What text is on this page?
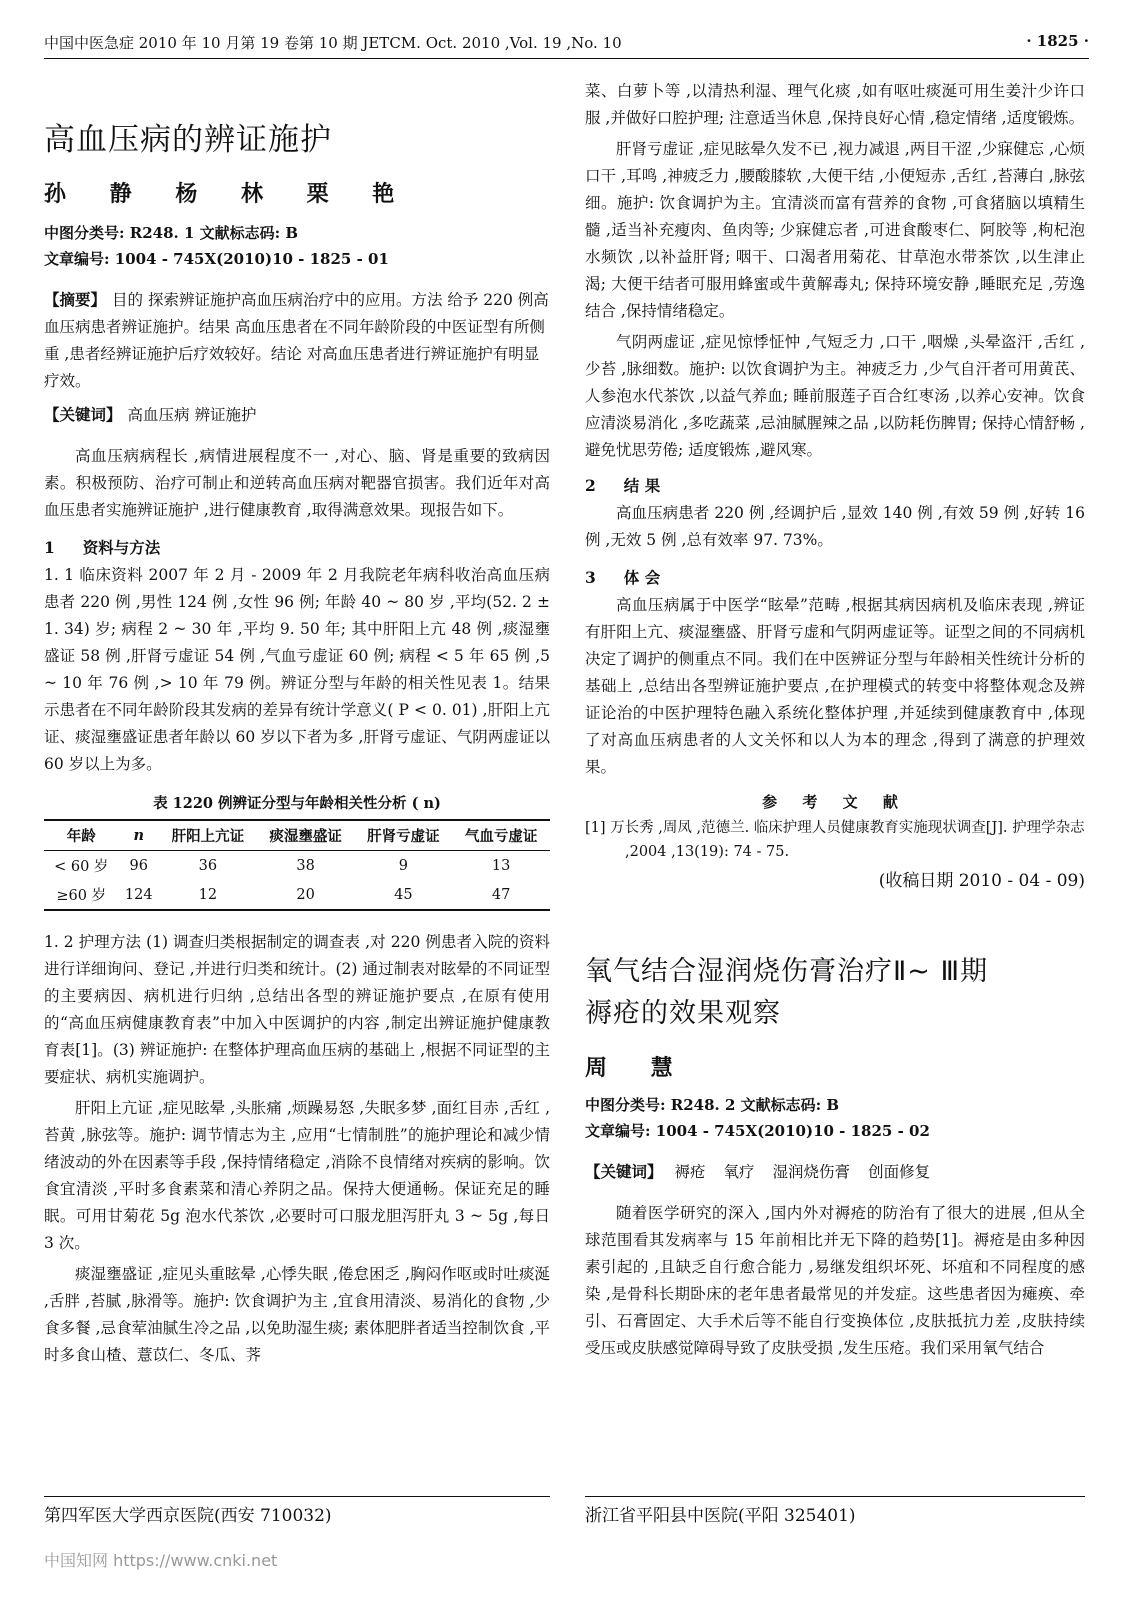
中国中医急症 2010 年 10 月第 19 卷第 10 期 JETCM. Oct. 2010 ,Vol. 19 ,No. 10	· 1825 ·
高血压病的辨证施护
孙 静 杨 林 栗 艳
中图分类号: R248. 1 文献标志码: B
文章编号: 1004 - 745X(2010)10 - 1825 - 01
【摘要】 目的 探索辨证施护高血压病治疗中的应用。方法 给予 220 例高血压病患者辨证施护。结果 高血压患者在不同年龄阶段的中医证型有所侧重 ,患者经辨证施护后疗效较好。结论 对高血压患者进行辨证施护有明显疗效。
【关键词】 高血压病 辨证施护
高血压病病程长 ,病情进展程度不一 ,对心、脑、肾是重要的致病因素。积极预防、治疗可制止和逆转高血压病对靶器官损害。我们近年对高血压患者实施辨证施护 ,进行健康教育 ,取得满意效果。现报告如下。
1 资料与方法
1. 1 临床资料 2007 年 2 月 - 2009 年 2 月我院老年病科收治高血压病患者 220 例 ,男性 124 例 ,女性 96 例; 年龄 40 ~ 80 岁 ,平均(52. 2 ± 1. 34) 岁; 病程 2 ~ 30 年 ,平均 9. 50 年; 其中肝阳上亢 48 例 ,痰湿壅盛证 58 例 ,肝肾亏虚证 54 例 ,气血亏虚证 60 例; 病程 < 5 年 65 例 ,5 ~ 10 年 76 例 ,> 10 年 79 例。辨证分型与年龄的相关性见表 1。结果示患者在不同年龄阶段其发病的差异有统计学意义( P < 0. 01) ,肝阳上亢证、痰湿壅盛证患者年龄以 60 岁以下者为多 ,肝肾亏虚证、气阴两虚证以 60 岁以上为多。
表 1220 例辨证分型与年龄相关性分析 ( n)
年龄	n	肝阳上亢证	痰湿壅盛证	肝肾亏虚证	气血亏虚证
< 60 岁	96	36	38	9	13
≥60 岁	124	12	20	45	47
1. 2 护理方法 (1) 调查归类根据制定的调查表 ,对 220 例患者入院的资料进行详细询问、登记 ,并进行归类和统计。(2) 通过制表对眩晕的不同证型的主要病因、病机进行归纳 ,总结出各型的辨证施护要点 ,在原有使用的“高血压病健康教育表”中加入中医调护的内容 ,制定出辨证施护健康教育表[1]。(3) 辨证施护: 在整体护理高血压病的基础上 ,根据不同证型的主要症状、病机实施调护。
肝阳上亢证 ,症见眩晕 ,头胀痛 ,烦躁易怒 ,失眠多梦 ,面红目赤 ,舌红 ,苔黄 ,脉弦等。施护: 调节情志为主 ,应用“七情制胜”的施护理论和减少情绪波动的外在因素等手段 ,保持情绪稳定 ,消除不良情绪对疾病的影响。饮食宜清淡 ,平时多食素菜和清心养阴之品。保持大便通畅。保证充足的睡眠。可用甘菊花 5g 泡水代茶饮 ,必要时可口服龙胆泻肝丸 3 ~ 5g ,每日 3 次。
痰湿壅盛证 ,症见头重眩晕 ,心悸失眠 ,倦怠困乏 ,胸闷作呕或时吐痰涎 ,舌胖 ,苔腻 ,脉滑等。施护: 饮食调护为主 ,宜食用清淡、易消化的食物 ,少食多餐 ,忌食荤油腻生冷之品 ,以免助湿生痰; 素体肥胖者适当控制饮食 ,平时多食山楂、薏苡仁、冬瓜、荠
菜、白萝卜等 ,以清热利湿、理气化痰 ,如有呕吐痰涎可用生姜汁少许口服 ,并做好口腔护理; 注意适当休息 ,保持良好心情 ,稳定情绪 ,适度锻炼。
肝肾亏虚证 ,症见眩晕久发不已 ,视力减退 ,两目干涩 ,少寐健忘 ,心烦口干 ,耳鸣 ,神疲乏力 ,腰酸膝软 ,大便干结 ,小便短赤 ,舌红 ,苔薄白 ,脉弦细。施护: 饮食调护为主。宜清淡而富有营养的食物 ,可食猪脑以填精生髓 ,适当补充瘦肉、鱼肉等; 少寐健忘者 ,可进食酸枣仁、阿胶等 ,枸杞泡水频饮 ,以补益肝肾; 咽干、口渴者用菊花、甘草泡水带茶饮 ,以生津止渴; 大便干结者可服用蜂蜜或牛黄解毒丸; 保持环境安静 ,睡眠充足 ,劳逸结合 ,保持情绪稳定。
气阴两虚证 ,症见惊悸怔忡 ,气短乏力 ,口干 ,咽燥 ,头晕盗汗 ,舌红 ,少苔 ,脉细数。施护: 以饮食调护为主。神疲乏力 ,少气自汗者可用黄芪、人参泡水代茶饮 ,以益气养血; 睡前服莲子百合红枣汤 ,以养心安神。饮食应清淡易消化 ,多吃蔬菜 ,忌油腻腥辣之品 ,以防耗伤脾胃; 保持心情舒畅 ,避免忧思劳倦; 适度锻炼 ,避风寒。
2 结 果
高血压病患者 220 例 ,经调护后 ,显效 140 例 ,有效 59 例 ,好转 16 例 ,无效 5 例 ,总有效率 97. 73%。
3 体 会
高血压病属于中医学“眩晕”范畴 ,根据其病因病机及临床表现 ,辨证有肝阳上亢、痰湿壅盛、肝肾亏虚和气阴两虚证等。证型之间的不同病机决定了调护的侧重点不同。我们在中医辨证分型与年龄相关性统计分析的基础上 ,总结出各型辨证施护要点 ,在护理模式的转变中将整体观念及辨证论治的中医护理特色融入系统化整体护理 ,并延续到健康教育中 ,体现了对高血压病患者的人文关怀和以人为本的理念 ,得到了满意的护理效果。
参 考 文 献
[1] 万长秀 ,周凤 ,范德兰. 临床护理人员健康教育实施现状调查[J]. 护理学杂志 ,2004 ,13(19): 74 - 75.
(收稿日期 2010 - 04 - 09)
氧气结合湿润烧伤膏治疗Ⅱ~ Ⅲ期
褥疮的效果观察
周 慧
中图分类号: R248. 2 文献标志码: B
文章编号: 1004 - 745X(2010)10 - 1825 - 02
【关键词】 褥疮 氧疗 湿润烧伤膏 创面修复
随着医学研究的深入 ,国内外对褥疮的防治有了很大的进展 ,但从全球范围看其发病率与 15 年前相比并无下降的趋势[1]。褥疮是由多种因素引起的 ,且缺乏自行愈合能力 ,易继发组织坏死、坏疽和不同程度的感染 ,是骨科长期卧床的老年患者最常见的并发症。这些患者因为瘫痪、牵引、石膏固定、大手术后等不能自行变换体位 ,皮肤抵抗力差 ,皮肤持续受压或皮肤感觉障碍导致了皮肤受损 ,发生压疮。我们采用氧气结合
第四军医大学西京医院(西安 710032)	浙江省平阳县中医院(平阳 325401)
中国知网 https://www.cnki.net
